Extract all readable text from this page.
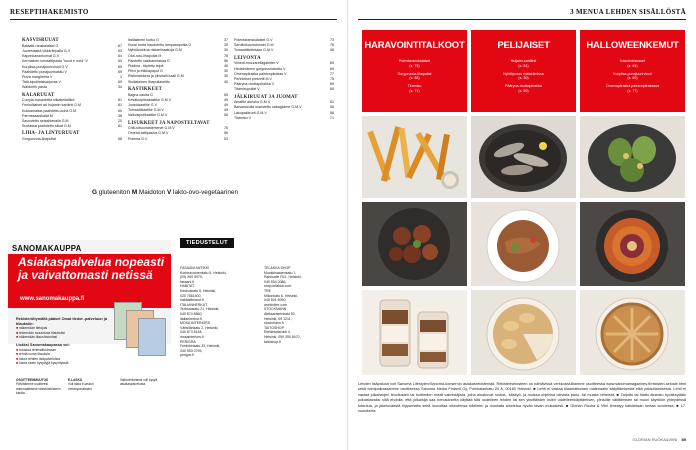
RESEPTIHAKEMISTO
KASVISRUUAT
Bataatti-ranskalaiset G	67
Juureslastut vikkerleipalla G.V	53
Kaponkanankorvat G.V	64
Kermainen tomaattipasta "suud e nord" V	59
Kurpitsa-punajuurirvinoli G.V	69
Paahdettu punajuurikakku V	69
Pizza margherita V	3
Tatti-sipulilaisisarjuvas V	69
Waldorfin pasta	34
KALARUUAT
Curryla-mausteella siikakeitaltkot	81
Fenkolilaiset ad hujamin sardinit G.M	81
Kukkamaisia paahdettu-kuha G.M	50
Parmesaanikalat M	38
Savustettu seisahtavalla G.M	20
Suolassa paahdettu siikat G.M	81
LIHA- JA LINTURUUAT
Gorgonzola-lihapullat	58
Italialainen kurku G	37
Kuusi tunta haudutettu lampaanpotka G	30
Nyhtökinkkua ristiaelinsakoja G.M	30
Olut-rotu-lihapullat M	78
Paistettu vasikanmakaa G	56
Piadina - täytetty leipä	40
Pihvi ja etikkapaput G	30
Ristimarkkera ja pihvitalli kaali G.M	30
Sisilialainen lihapullakeitto	40
KASTIKKEET
Bagna cauda G	55
Kesäkurpitsakastike G.M.V	49
Juustokastike G.V	49
Tomaattikastike G.M.V	49
Valkosipulikastike G.M.V	56
LISUKKEET JA NAPOSTELTAVAT
Chili-sitruunasiemenet G.M.V	76
Omena-tattipasiva G.M.V	56
Polenta G.V	53
Polentaranskalaiset G.V	73
Sardiinikuorrutukset G.M	76
Tomaattikoitetaan G.M.V	58
LEIVONTA
Viinedi-mozzarellagaletter V	69
Hedelmäinen gorgonzolatorttu V	69
Omenapiirakka paistonpiirakas V	77
Perinteiset pretzelit M.V	75
Pääryna-ricottapiirakka V	69
Tiramisupullat V	69
JÄLKIRUUAT JA JUOMAT
Amaftin aurinko G.M.V	81
Balsamicolla maustettu cabagiolme G.M.V	56
Lakupakkrurit G.M.V	56
Tiramisu V	71
G gluteeniton M Maidoton V lakto-ovo-vegetaarinen
SANOMAKAUPPA
Asiakaspalvelua nopeasti ja vaivattomasti netissä
www.sanomakauppa.fi
Rekisteröitymällä pääset Omat tiedot -palveluun ja tilauksiin:
■ näkemään tietojasi
■ tekemään muutoksia tilauksiisi
■ näkemään tilaushistoriasi
Lisäksi Sanomakaupassa voi:
■ tutustua lehtivalikoimaan
■ tehdä uusia tilauksia
■ lukea lehtien lisäpalveluista
■ lukea usein kysyttyjä kysymyksiä
OSOITTEENMUUTOS
Päivittämme osoitteesi automaattisesti väestörekisterin kautta.
E-LASKU
Voit tilata e-laskun verkkopankistasi.
Vaihtoehtoisesti voit kysyä asiakaspalvelusta.
TIEDUSTELUT
FASAANI ANTIKKI
Korkeavuorenkatu 5, Helsinki,
(09) 260 9970,
fasaani.fi
HABITAT
Keskuskatu 6, Helsinki,
020 7661400,
habitatfinland.fi
ITALIANHERKUT
Terhoankatu 21, Helsinki,
040 874 8860,
italianherkut.fi
MOSA INTERIORS
Värtsilänkatu 2, Helsinki,
040 873 8148,
mosainteriors.fi
PERIGRA
Fredrikinkatu 33, Helsinki,
040 553 0795,
perigra.fi
TELAKKA SHOP
Munkkisaarenkatu 1,
Raisiontie R11, Helsinki,
040 554 0086,
shop.telakka.com
TRE
Mikonkatu 6, Helsinki,
040 501 5090,
worldoftre.com
STOCKMANN
Aleksanterinkatu 52,
Helsinki, 09 1211,
stockmann.fi
TAITOSHOP
Eteläesplanadi 4,
Helsinki, 050 350 8470,
taitoshop.fi
3 MENUA LEHDEN SISÄLLÖSTÄ
HARAVOINTITALKOOT
Polentaranskalaiset
(s. 73)
Gorgonzola-lihapullat
(s. 58)
Tiramisu
(s. 71)
PELIJAISET
Huijaim-sardiinit
(s. 81)
Nyhtöpossu ristiaelimissa
(s. 30)
Pääryna-ricottapiirakka
(s. 69)
HALLOWEENKEMUT
Kasvimiesosset
(s. 64)
Kurpitsa-punajuurirvinoli
(s. 69)
Omenapiirakka paistonpiirakassa
(s. 77)
Lehden lisäpaluun voit Sanoma Lifestylen/Sanoma-konsernin asiakasrekisteristä. Rekisteriselosteen on nähtävissä verkkosivuillamme osoitteessa www.sanomamagazines.fi/rekisteri-seloste.html sekä toimipaikassamme osoitteessa Sanoma Media Finland Oy, Porkkalankatu 20 A, 00180 Helsinki. ■ Lehti ei vastaa tilaamattoman materiaalin säilyttämisestä eikä palauttamisesta. Lehti ei vastaa julkaistujen ilmoitusten tai tuotteiden mistä valmistajista, joiha ainakuvat ruokia-, käsityö- ja muissa ohjeissa olevista pano- tai muista virheistä. ■ Tarjottu tai tilattu aineisto hyväksytään julkaistavaksi sillä ehdolla, että julkaisija saa korvauksetta käyttää sitä uudelleen lehden tai sen yksittäisten osien uudelleenkäyttämisen, yleisölle välittämisen tai muun käyttöön yhteydessä toteutua- ja jakeluväestä riippumatta sekä luovuttaa oikeutensa edelleen ja muokata aineistoa hyvän tavan mukaisesti. ■ Glorian Ruoka & Viini ilmestyy kahdeksan kertaa vuodessa. ■ 17. vuosikerta.
GLORIAN RUOKA&VIINI 89
